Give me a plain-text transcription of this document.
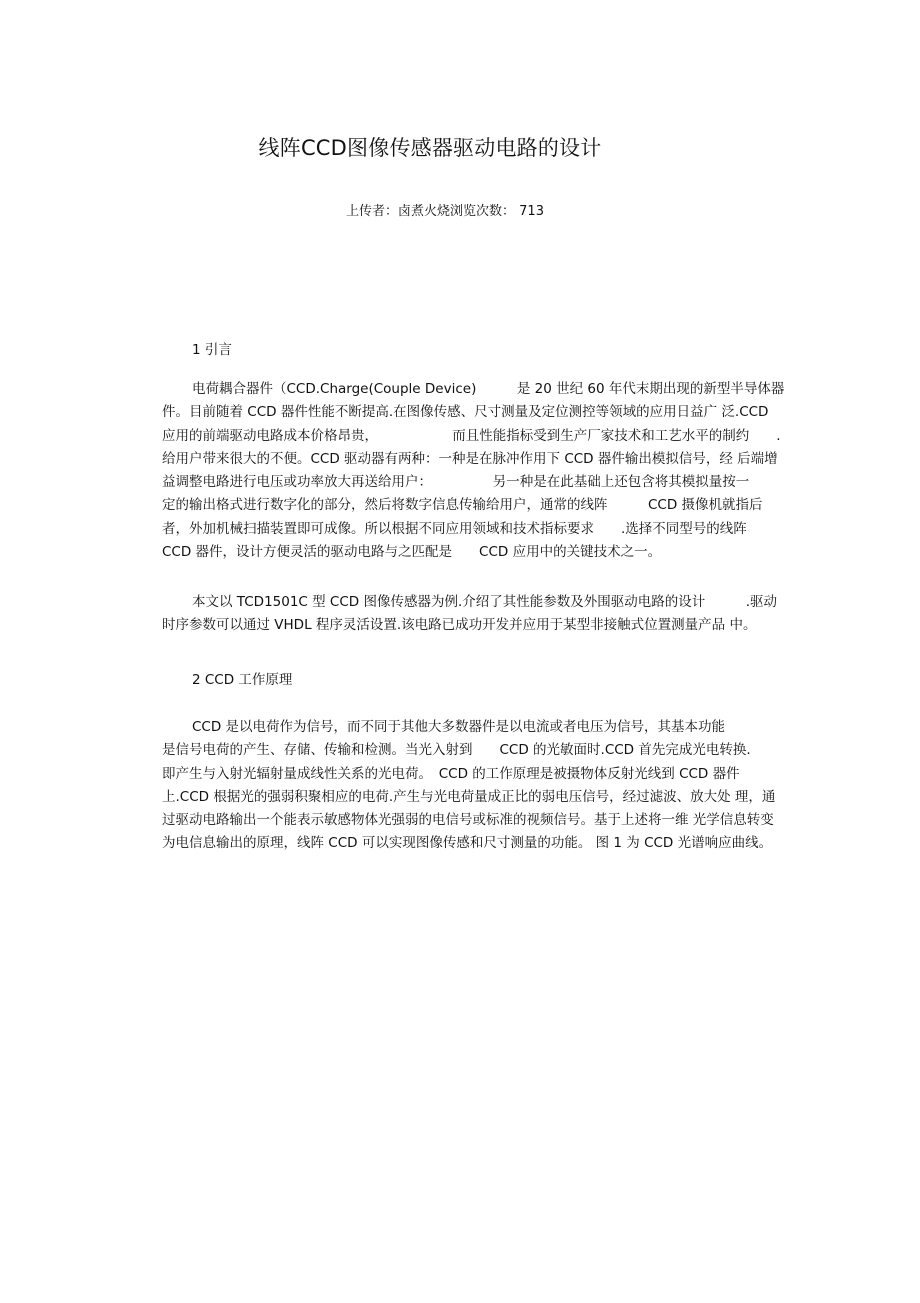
线阵CCD图像传感器驱动电路的设计
上传者：卤煮火烧浏览次数： 713
1 引言
电荷耦合器件（CCD.Charge(Couple Device)　　　是 20 世纪 60 年代末期出现的新型半导体器
件。目前随着 CCD 器件性能不断提高.在图像传感、尺寸测量及定位测控等领域的应用日益广 泛.CCD
应用的前端驱动电路成本价格昂贵，　　　　　　而且性能指标受到生产厂家技术和工艺水平的制约　　.
给用户带来很大的不便。CCD 驱动器有两种：一种是在脉冲作用下 CCD 器件输出模拟信号，经 后端增
益调整电路进行电压或功率放大再送给用户：　　　　　另一种是在此基础上还包含将其模拟量按一
定的输出格式进行数字化的部分，然后将数字信息传输给用户，通常的线阵　　　CCD 摄像机就指后
者，外加机械扫描装置即可成像。所以根据不同应用领域和技术指标要求　　.选择不同型号的线阵
CCD 器件，设计方便灵活的驱动电路与之匹配是　　CCD 应用中的关键技术之一。
本文以 TCD1501C 型 CCD 图像传感器为例.介绍了其性能参数及外围驱动电路的设计　　　.驱动
时序参数可以通过 VHDL 程序灵活设置.该电路已成功开发并应用于某型非接触式位置测量产品 中。
2 CCD 工作原理
CCD 是以电荷作为信号，而不同于其他大多数器件是以电流或者电压为信号，其基本功能
是信号电荷的产生、存储、传输和检测。当光入射到　　CCD 的光敏面时.CCD 首先完成光电转换.
即产生与入射光辐射量成线性关系的光电荷。　CCD 的工作原理是被摄物体反射光线到 CCD 器件
上.CCD 根据光的强弱积聚相应的电荷.产生与光电荷量成正比的弱电压信号，经过滤波、放大处 理，通
过驱动电路输出一个能表示敏感物体光强弱的电信号或标准的视频信号。基于上述将一维 光学信息转变
为电信息输出的原理，线阵 CCD 可以实现图像传感和尺寸测量的功能。 图 1 为 CCD 光谱响应曲线。
